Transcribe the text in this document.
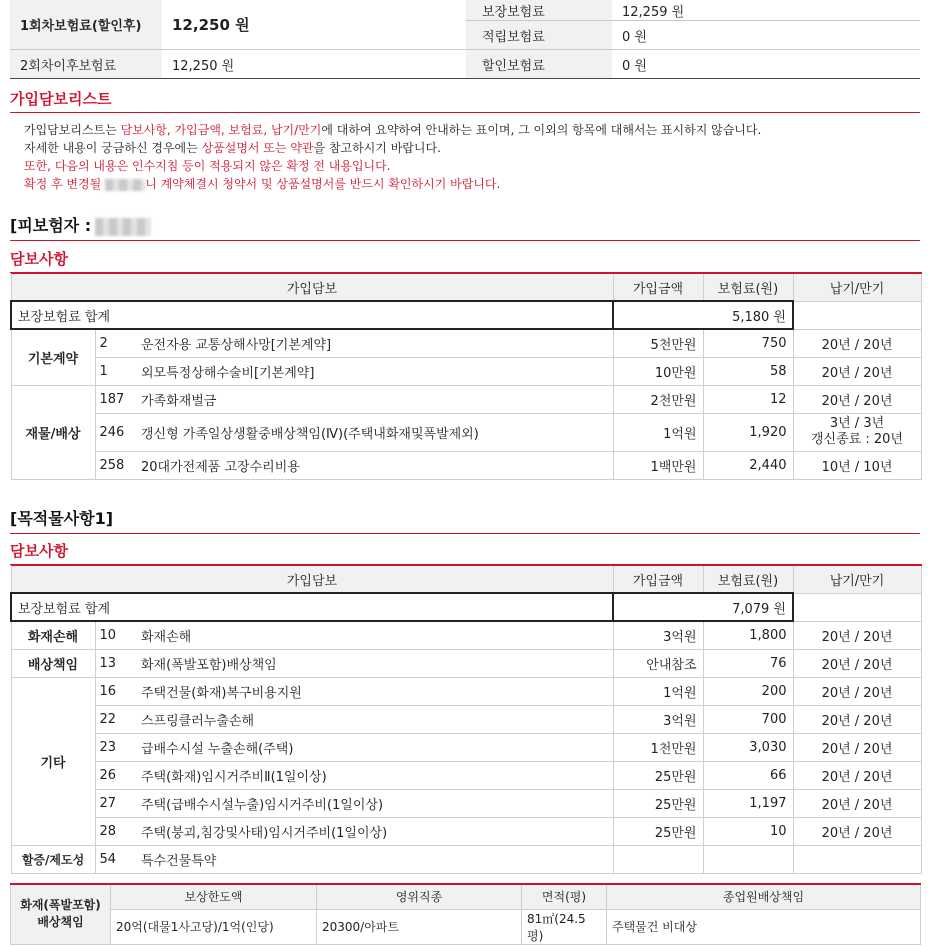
1회차보험료(할인후)	12,250 원
2회차이후보험료	12,250 원
보장보험료	12,259 원
적립보험료	0 원
할인보험료	0 원
가입담보리스트
가입담보리스트는 담보사항, 가입금액, 보험료, 납기/만기에 대하여 요약하여 안내하는 표이며, 그 이외의 항목에 대해서는 표시하지 않습니다.
자세한 내용이 궁금하신 경우에는 상품설명서 또는 약관을 참고하시기 바랍니다.
또한, 다음의 내용은 인수지침 등이 적용되지 않은 확정 전 내용입니다.
확정 후 변경될	니 계약체결시 청약서 및 상품설명서를 반드시 확인하시기 바랍니다.
[피보험자 :
담보사항
가입담보			가입금액	보험료(원)	납기/만기
보장보험료 합계			5,180 원		
기본계약	2	운전자용 교통상해사망[기본계약]	5천만원	750	20년 / 20년
	1	외모특정상해수술비[기본계약]	10만원	58	20년 / 20년
재물/배상	187	가족화재벌금	2천만원	12	20년 / 20년
	246	갱신형 가족일상생활중배상책임(Ⅳ)(주택내화재및폭발제외)	1억원	1,920	3년 / 3년
갱신종료 : 20년

	258	20대가전제품 고장수리비용	1백만원	2,440	10년 / 10년
[목적물사항1]
담보사항
가입담보			가입금액	보험료(원)	납기/만기
보장보험료 합계			7,079 원		
화재손해	10	화재손해	3억원	1,800	20년 / 20년
배상책임	13	화재(폭발포함)배상책임	안내참조	76	20년 / 20년
기타	16	주택건물(화재)복구비용지원	1억원	200	20년 / 20년
	22	스프링클러누출손해	3억원	700	20년 / 20년
	23	급배수시설 누출손해(주택)	1천만원	3,030	20년 / 20년
	26	주택(화재)임시거주비Ⅱ(1일이상)	25만원	66	20년 / 20년
	27	주택(급배수시설누출)임시거주비(1일이상)	25만원	1,197	20년 / 20년
	28	주택(붕괴,침강및사태)임시거주비(1일이상)	25만원	10	20년 / 20년
할증/제도성	54	특수건물특약			
화재(폭발포함)
배상책임	보상한도액	영위직종	면적(평)	종업원배상책임
	20억(대물1사고당)/1억(인당)	20300/아파트	81㎡(24.5평)	주택물건 비대상
